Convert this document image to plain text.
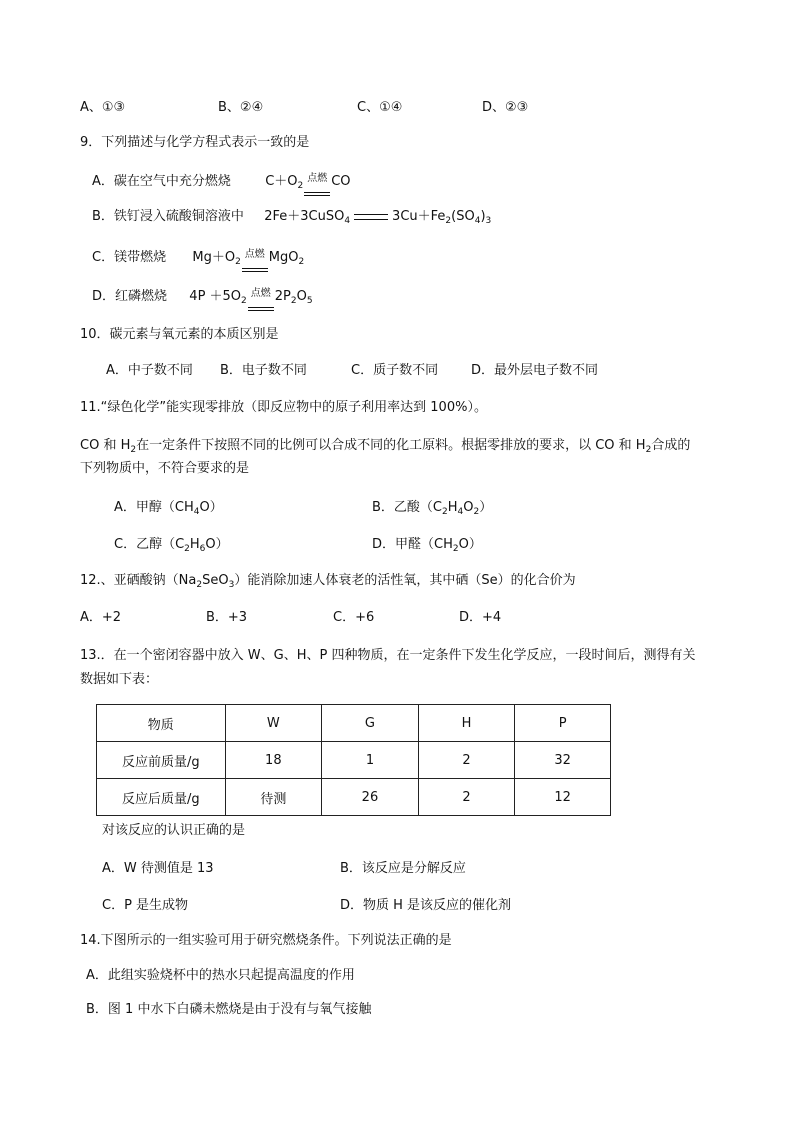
A、①③	B、②④	C、①④	D、②③
9．下列描述与化学方程式表示一致的是
A．碳在空气中充分燃烧	$C+O_2$
点燃 CO
B．铁钉浸入硫酸铜溶液中 2Fe＋3CuSO$_4$	$3Cu+Fe_2(SO_4)_3$
C．镁带燃烧 $Mg+O_2$
点燃 MgO$_2$
D．红磷燃烧 $4P +5O_2$
点燃 $2P_2O_5$
10．碳元素与氧元素的本质区别是
A．中子数不同 B．电子数不同	C．质子数不同	D．最外层电子数不同
11.“绿色化学”能实现零排放（即反应物中的原子利用率达到 100%）。
CO 和 $H_2$在一定条件下按照不同的比例可以合成不同的化工原料。根据零排放的要求，以 CO 和 $H_2$合成的
下列物质中，不符合要求的是
A．甲醇$(CH_4O)$	B．乙酸$(C_2H_4O_2)$
C．乙醇$(C_2H_6O)$	D．甲醛$(CH_2O)$
12.、亚硒酸钠$(Na_2SeO_3)$能消除加速人体衰老的活性氧，其中硒（Se）的化合价为
A．+2	B．+3	C．+6	D．+4
13.．在一个密闭容器中放入 W、G、H、P 四种物质，在一定条件下发生化学反应，一段时间后，测得有关
数据如下表：
物质	W	G	H	P
反应前质量/g	18	1	2	32
反应后质量/g	待测	26	2	12
对该反应的认识正确的是
A．W 待测值是 13	B．该反应是分解反应
C．P 是生成物	D．物质 H 是该反应的催化剂
14.下图所示的一组实验可用于研究燃烧条件。下列说法正确的是
A．此组实验烧杯中的热水只起提高温度的作用
B．图 1 中水下白磷未燃烧是由于没有与氧气接触
